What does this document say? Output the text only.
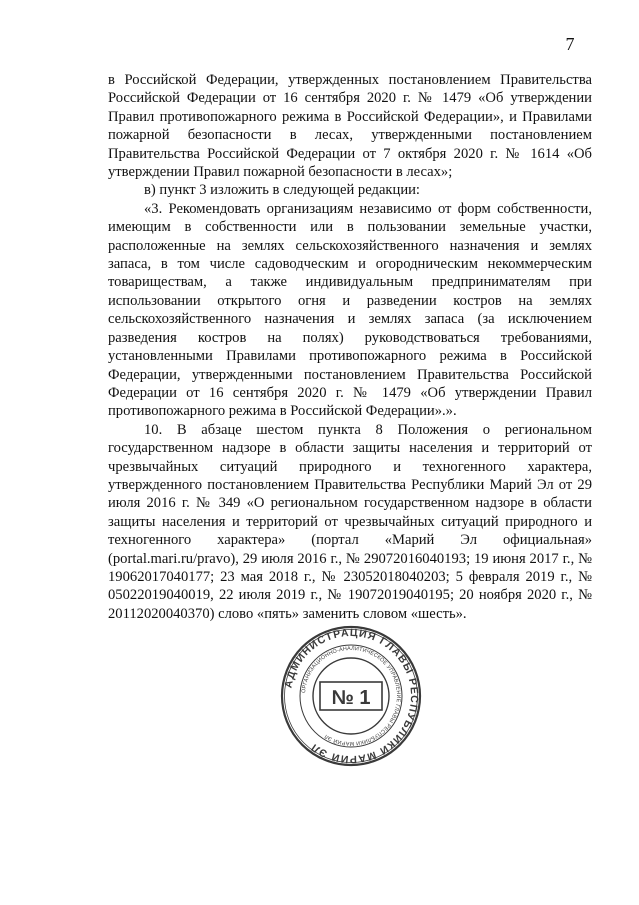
7

в Российской Федерации, утвержденных постановлением Правительства Российской Федерации от 16 сентября 2020 г. № 1479 «Об утверждении Правил противопожарного режима в Российской Федерации», и Правилами пожарной безопасности в лесах, утвержденными постановлением Правительства Российской Федерации от 7 октября 2020 г. № 1614 «Об утверждении Правил пожарной безопасности в лесах»;

в) пункт 3 изложить в следующей редакции:

«3. Рекомендовать организациям независимо от форм собственности, имеющим в собственности или в пользовании земельные участки, расположенные на землях сельскохозяйственного назначения и землях запаса, в том числе садоводческим и огородническим некоммерческим товариществам, а также индивидуальным предпринимателям при использовании открытого огня и разведении костров на землях сельскохозяйственного назначения и землях запаса (за исключением разведения костров на полях) руководствоваться требованиями, установленными Правилами противопожарного режима в Российской Федерации, утвержденными постановлением Правительства Российской Федерации от 16 сентября 2020 г. № 1479 «Об утверждении Правил противопожарного режима в Российской Федерации».».

10. В абзаце шестом пункта 8 Положения о региональном государственном надзоре в области защиты населения и территорий от чрезвычайных ситуаций природного и техногенного характера, утвержденного постановлением Правительства Республики Марий Эл от 29 июля 2016 г. № 349 «О региональном государственном надзоре в области защиты населения и территорий от чрезвычайных ситуаций природного и техногенного характера» (портал «Марий Эл официальная» (portal.mari.ru/pravo), 29 июля 2016 г., № 29072016040193; 19 июня 2017 г., № 19062017040177; 23 мая 2018 г., № 23052018040203; 5 февраля 2019 г., № 05022019040019, 22 июля 2019 г., № 19072019040195; 20 ноября 2020 г., № 20112020040370) слово «пять» заменить словом «шесть».

АДМИНИСТРАЦИЯ ГЛАВЫ РЕСПУБЛИКИ МАРИЙ ЭЛ
ОРГАНИЗАЦИОННО-АНАЛИТИЧЕСКОЕ УПРАВЛЕНИЕ ГЛАВЫ РЕСПУБЛИКИ МАРИЙ ЭЛ
№ 1
